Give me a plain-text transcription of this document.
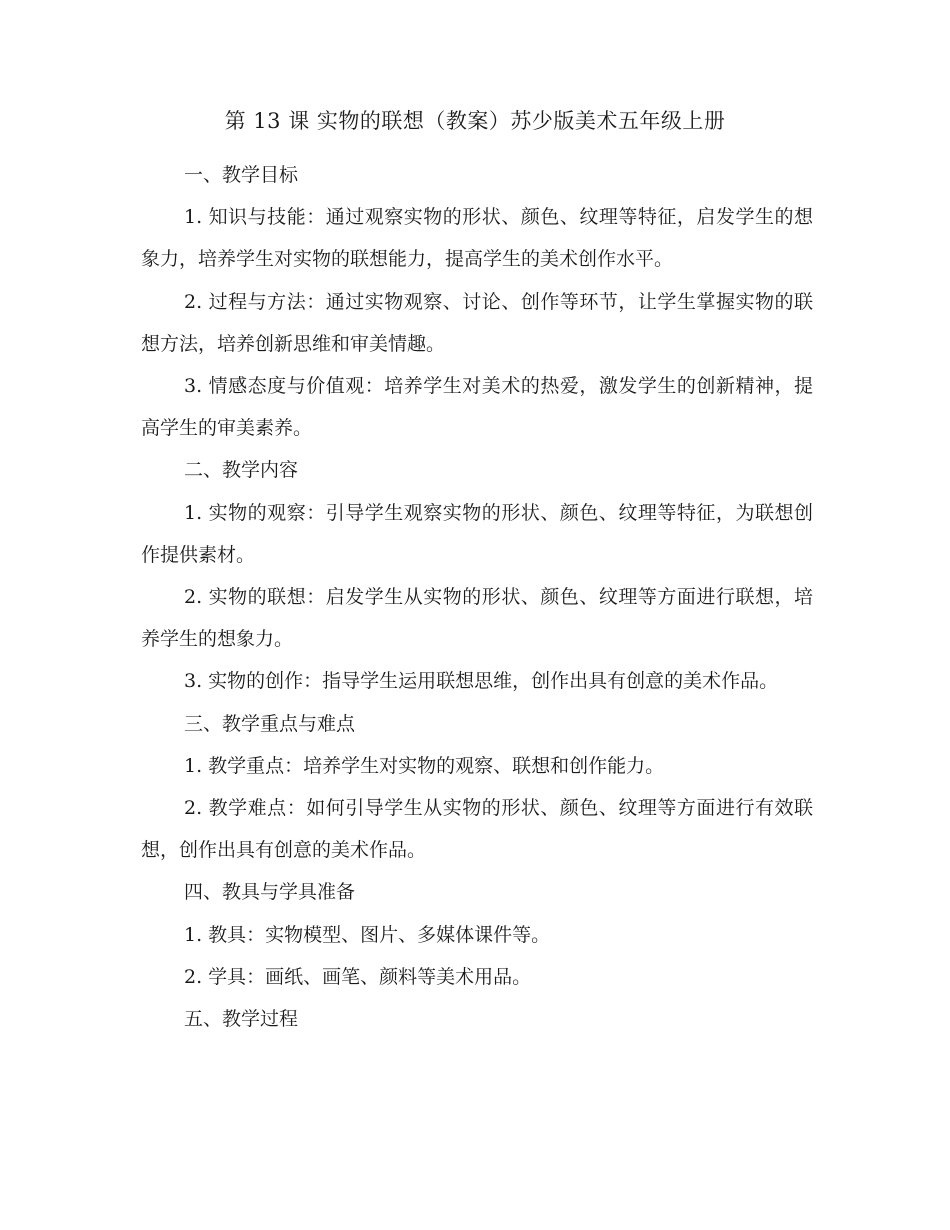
第 13 课 实物的联想（教案）苏少版美术五年级上册

一、教学目标

1. 知识与技能：通过观察实物的形状、颜色、纹理等特征，启发学生的想象力，培养学生对实物的联想能力，提高学生的美术创作水平。

2. 过程与方法：通过实物观察、讨论、创作等环节，让学生掌握实物的联想方法，培养创新思维和审美情趣。

3. 情感态度与价值观：培养学生对美术的热爱，激发学生的创新精神，提高学生的审美素养。

二、教学内容

1. 实物的观察：引导学生观察实物的形状、颜色、纹理等特征，为联想创作提供素材。

2. 实物的联想：启发学生从实物的形状、颜色、纹理等方面进行联想，培养学生的想象力。

3. 实物的创作：指导学生运用联想思维，创作出具有创意的美术作品。

三、教学重点与难点

1. 教学重点：培养学生对实物的观察、联想和创作能力。

2. 教学难点：如何引导学生从实物的形状、颜色、纹理等方面进行有效联想，创作出具有创意的美术作品。

四、教具与学具准备

1. 教具：实物模型、图片、多媒体课件等。

2. 学具：画纸、画笔、颜料等美术用品。

五、教学过程
